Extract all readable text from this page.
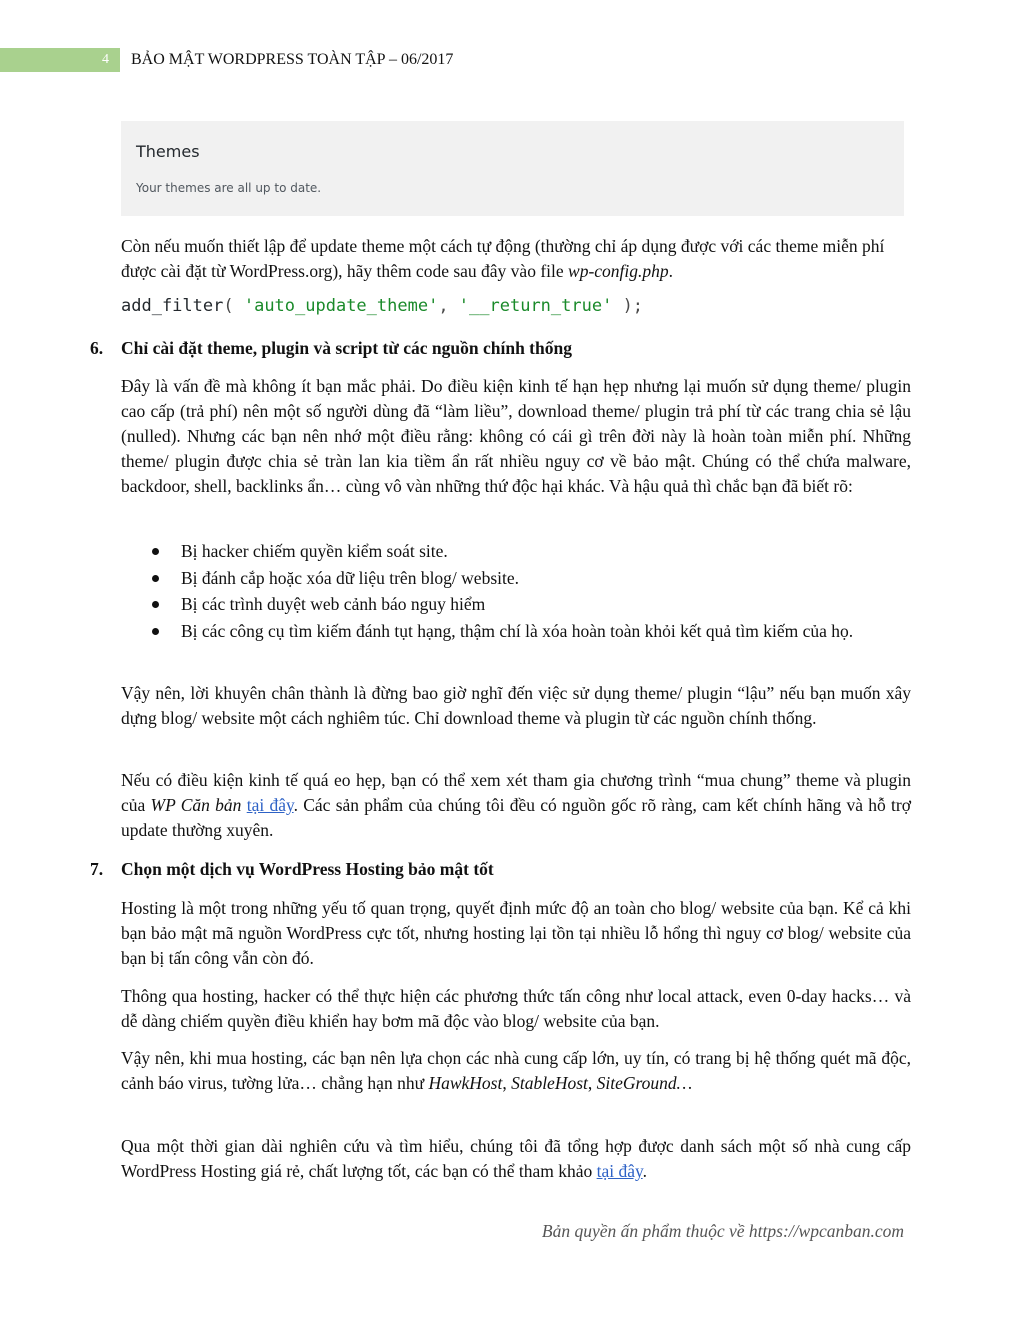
4	BẢO MẬT WORDPRESS TOÀN TẬP – 06/2017
Themes
Your themes are all up to date.

Còn nếu muốn thiết lập để update theme một cách tự động (thường chỉ áp dụng được với các theme miễn phí được cài đặt từ WordPress.org), hãy thêm code sau đây vào file wp-config.php.

add_filter( 'auto_update_theme', '__return_true' );
6. Chỉ cài đặt theme, plugin và script từ các nguồn chính thống

Đây là vấn đề mà không ít bạn mắc phải. Do điều kiện kinh tế hạn hẹp nhưng lại muốn sử dụng theme/ plugin cao cấp (trả phí) nên một số người dùng đã “làm liều”, download theme/ plugin trả phí từ các trang chia sẻ lậu (nulled). Nhưng các bạn nên nhớ một điều rằng: không có cái gì trên đời này là hoàn toàn miễn phí. Những theme/ plugin được chia sẻ tràn lan kia tiềm ẩn rất nhiều nguy cơ về bảo mật. Chúng có thể chứa malware, backdoor, shell, backlinks ẩn… cùng vô vàn những thứ độc hại khác. Và hậu quả thì chắc bạn đã biết rõ:

Bị hacker chiếm quyền kiểm soát site.
Bị đánh cắp hoặc xóa dữ liệu trên blog/ website.
Bị các trình duyệt web cảnh báo nguy hiểm
Bị các công cụ tìm kiếm đánh tụt hạng, thậm chí là xóa hoàn toàn khỏi kết quả tìm kiếm của họ.

Vậy nên, lời khuyên chân thành là đừng bao giờ nghĩ đến việc sử dụng theme/ plugin “lậu” nếu bạn muốn xây dựng blog/ website một cách nghiêm túc. Chỉ download theme và plugin từ các nguồn chính thống.

Nếu có điều kiện kinh tế quá eo hẹp, bạn có thể xem xét tham gia chương trình “mua chung” theme và plugin của WP Căn bản tại đây. Các sản phẩm của chúng tôi đều có nguồn gốc rõ ràng, cam kết chính hãng và hỗ trợ update thường xuyên.

7. Chọn một dịch vụ WordPress Hosting bảo mật tốt

Hosting là một trong những yếu tố quan trọng, quyết định mức độ an toàn cho blog/ website của bạn. Kể cả khi bạn bảo mật mã nguồn WordPress cực tốt, nhưng hosting lại tồn tại nhiều lỗ hổng thì nguy cơ blog/ website của bạn bị tấn công vẫn còn đó.

Thông qua hosting, hacker có thể thực hiện các phương thức tấn công như local attack, even 0-day hacks… và dễ dàng chiếm quyền điều khiển hay bơm mã độc vào blog/ website của bạn.

Vậy nên, khi mua hosting, các bạn nên lựa chọn các nhà cung cấp lớn, uy tín, có trang bị hệ thống quét mã độc, cảnh báo virus, tường lửa… chẳng hạn như HawkHost, StableHost, SiteGround…

Qua một thời gian dài nghiên cứu và tìm hiểu, chúng tôi đã tổng hợp được danh sách một số nhà cung cấp WordPress Hosting giá rẻ, chất lượng tốt, các bạn có thể tham khảo tại đây.

Bản quyền ấn phẩm thuộc về https://wpcanban.com
